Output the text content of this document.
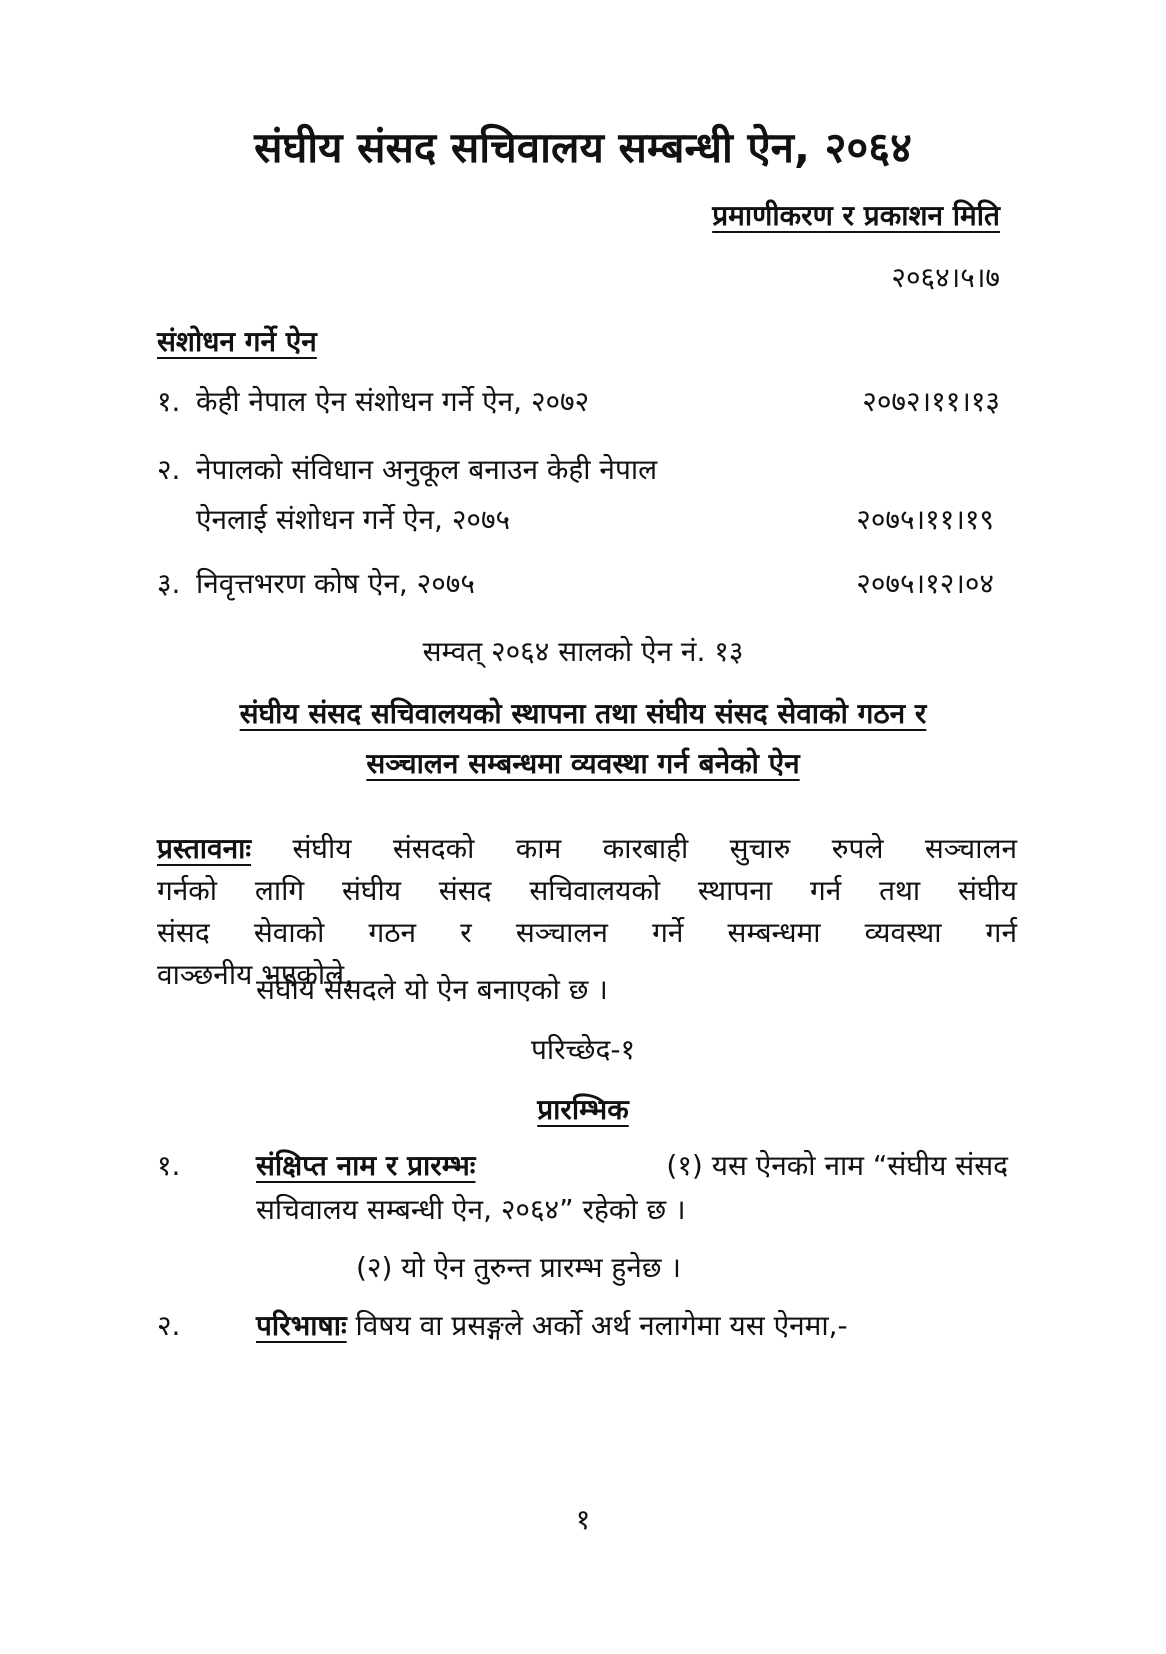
संघीय संसद सचिवालय सम्बन्धी ऐन, २०६४
प्रमाणीकरण र प्रकाशन मिति
२०६४।५।७
संशोधन गर्ने ऐन
१. केही नेपाल ऐन संशोधन गर्ने ऐन, २०७२	२०७२।११।१३
२. नेपालको संविधान अनुकूल बनाउन केही नेपाल
ऐनलाई संशोधन गर्ने ऐन, २०७५	२०७५।११।१९
३. निवृत्तभरण कोष ऐन, २०७५	२०७५।१२।०४
सम्वत् २०६४ सालको ऐन नं. १३
संघीय संसद सचिवालयको स्थापना तथा संघीय संसद सेवाको गठन र
सञ्चालन सम्बन्धमा व्यवस्था गर्न बनेको ऐन
प्रस्तावनाः संघीय संसदको काम कारबाही सुचारु रुपले सञ्चालन
गर्नको लागि संघीय संसद सचिवालयको स्थापना गर्न तथा संघीय
संसद सेवाको गठन र सञ्चालन गर्ने सम्बन्धमा व्यवस्था गर्न
वाञ्छनीय भएकोले,
संघीय संसदले यो ऐन बनाएको छ ।
परिच्छेद-१
प्रारम्भिक
१.	संक्षिप्त नाम र प्रारम्भः	(१) यस ऐनको नाम “संघीय संसद
सचिवालय सम्बन्धी ऐन, २०६४” रहेको छ ।
(२) यो ऐन तुरुन्त प्रारम्भ हुनेछ ।
२.	परिभाषाः विषय वा प्रसङ्गले अर्को अर्थ नलागेमा यस ऐनमा,-
१
